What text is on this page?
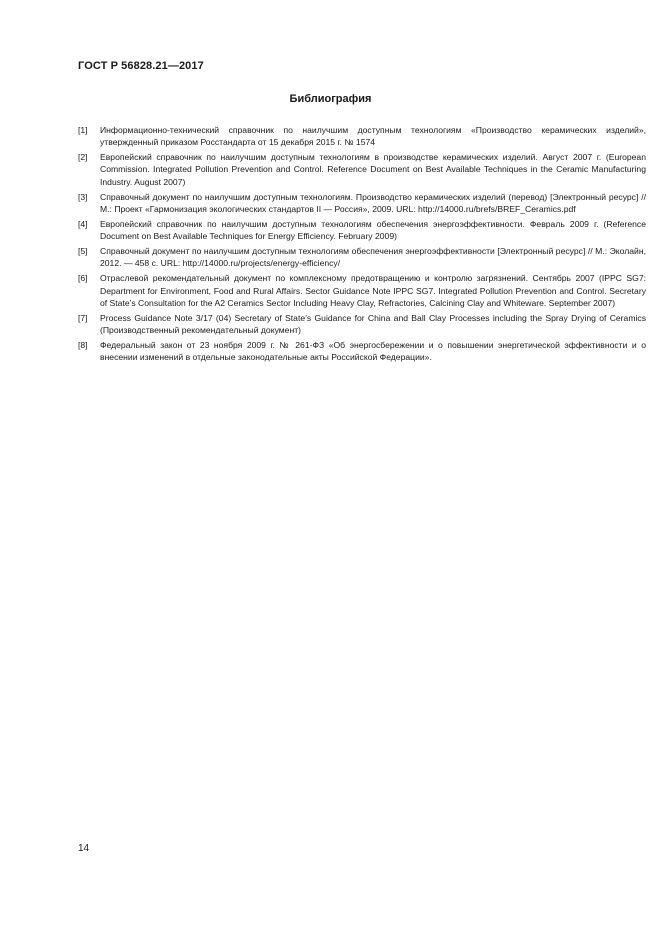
ГОСТ Р 56828.21—2017
Библиография
[1] Информационно-технический справочник по наилучшим доступным технологиям «Производство керамических изделий», утвержденный приказом Росстандарта от 15 декабря 2015 г. № 1574
[2] Европейский справочник по наилучшим доступным технологиям в производстве керамических изделий. Август 2007 г. (European Commission. Integrated Pollution Prevention and Control. Reference Document on Best Available Techniques in the Ceramic Manufacturing Industry. August 2007)
[3] Справочный документ по наилучшим доступным технологиям. Производство керамических изделий (перевод) [Электронный ресурс] // М.: Проект «Гармонизация экологических стандартов II — Россия», 2009. URL: http://14000.ru/brefs/BREF_Ceramics.pdf
[4] Европейский справочник по наилучшим доступным технологиям обеспечения энергоэффективности. Февраль 2009 г. (Reference Document on Best Available Techniques for Energy Efficiency. February 2009)
[5] Справочный документ по наилучшим доступным технологиям обеспечения энергоэффективности [Электронный ресурс] // М.: Эколайн, 2012. — 458 с. URL: http://14000.ru/projects/energy-efficiency/
[6] Отраслевой рекомендательный документ по комплексному предотвращению и контролю загрязнений. Сентябрь 2007 (IPPC SG7: Department for Environment, Food and Rural Affairs. Sector Guidance Note IPPC SG7. Integrated Pollution Prevention and Control. Secretary of State’s Consultation for the A2 Ceramics Sector Including Heavy Clay, Refractories, Calcining Clay and Whiteware. September 2007)
[7] Process Guidance Note 3/17 (04) Secretary of State’s Guidance for China and Ball Clay Processes including the Spray Drying of Ceramics (Производственный рекомендательный документ)
[8] Федеральный закон от 23 ноября 2009 г. № 261-ФЗ «Об энергосбережении и о повышении энергетической эффективности и о внесении изменений в отдельные законодательные акты Российской Федерации».
14
